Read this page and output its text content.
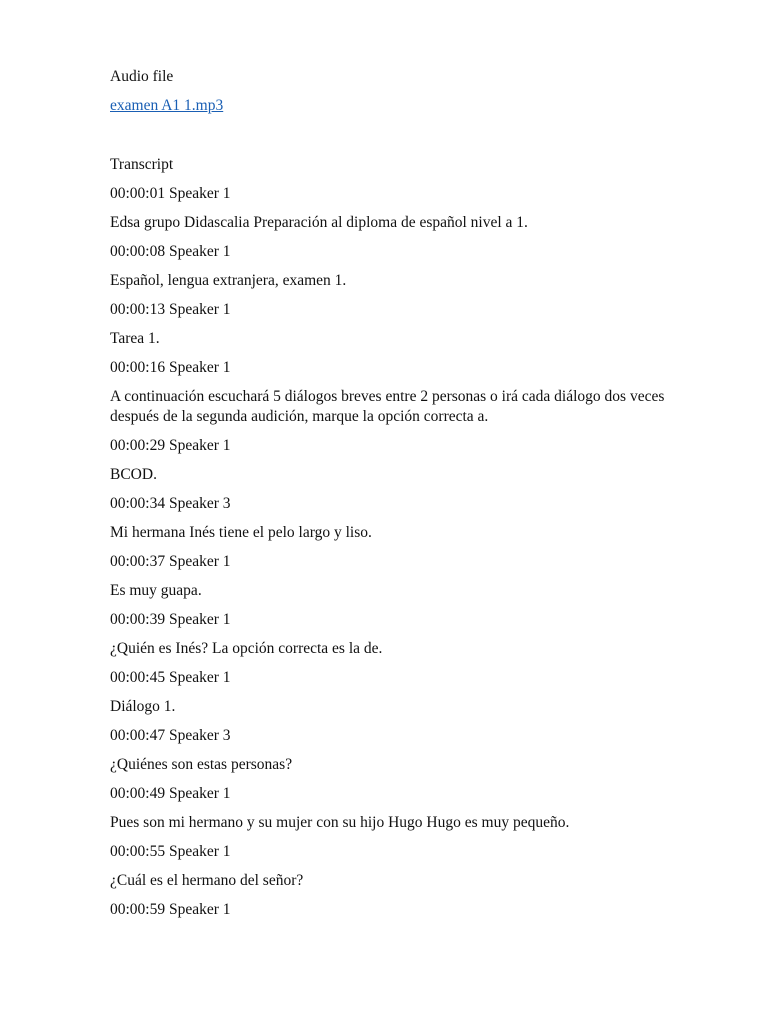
Audio file
examen A1 1.mp3
Transcript
00:00:01 Speaker 1
Edsa grupo Didascalia Preparación al diploma de español nivel a 1.
00:00:08 Speaker 1
Español, lengua extranjera, examen 1.
00:00:13 Speaker 1
Tarea 1.
00:00:16 Speaker 1
A continuación escuchará 5 diálogos breves entre 2 personas o irá cada diálogo dos veces después de la segunda audición, marque la opción correcta a.
00:00:29 Speaker 1
BCOD.
00:00:34 Speaker 3
Mi hermana Inés tiene el pelo largo y liso.
00:00:37 Speaker 1
Es muy guapa.
00:00:39 Speaker 1
¿Quién es Inés? La opción correcta es la de.
00:00:45 Speaker 1
Diálogo 1.
00:00:47 Speaker 3
¿Quiénes son estas personas?
00:00:49 Speaker 1
Pues son mi hermano y su mujer con su hijo Hugo Hugo es muy pequeño.
00:00:55 Speaker 1
¿Cuál es el hermano del señor?
00:00:59 Speaker 1
